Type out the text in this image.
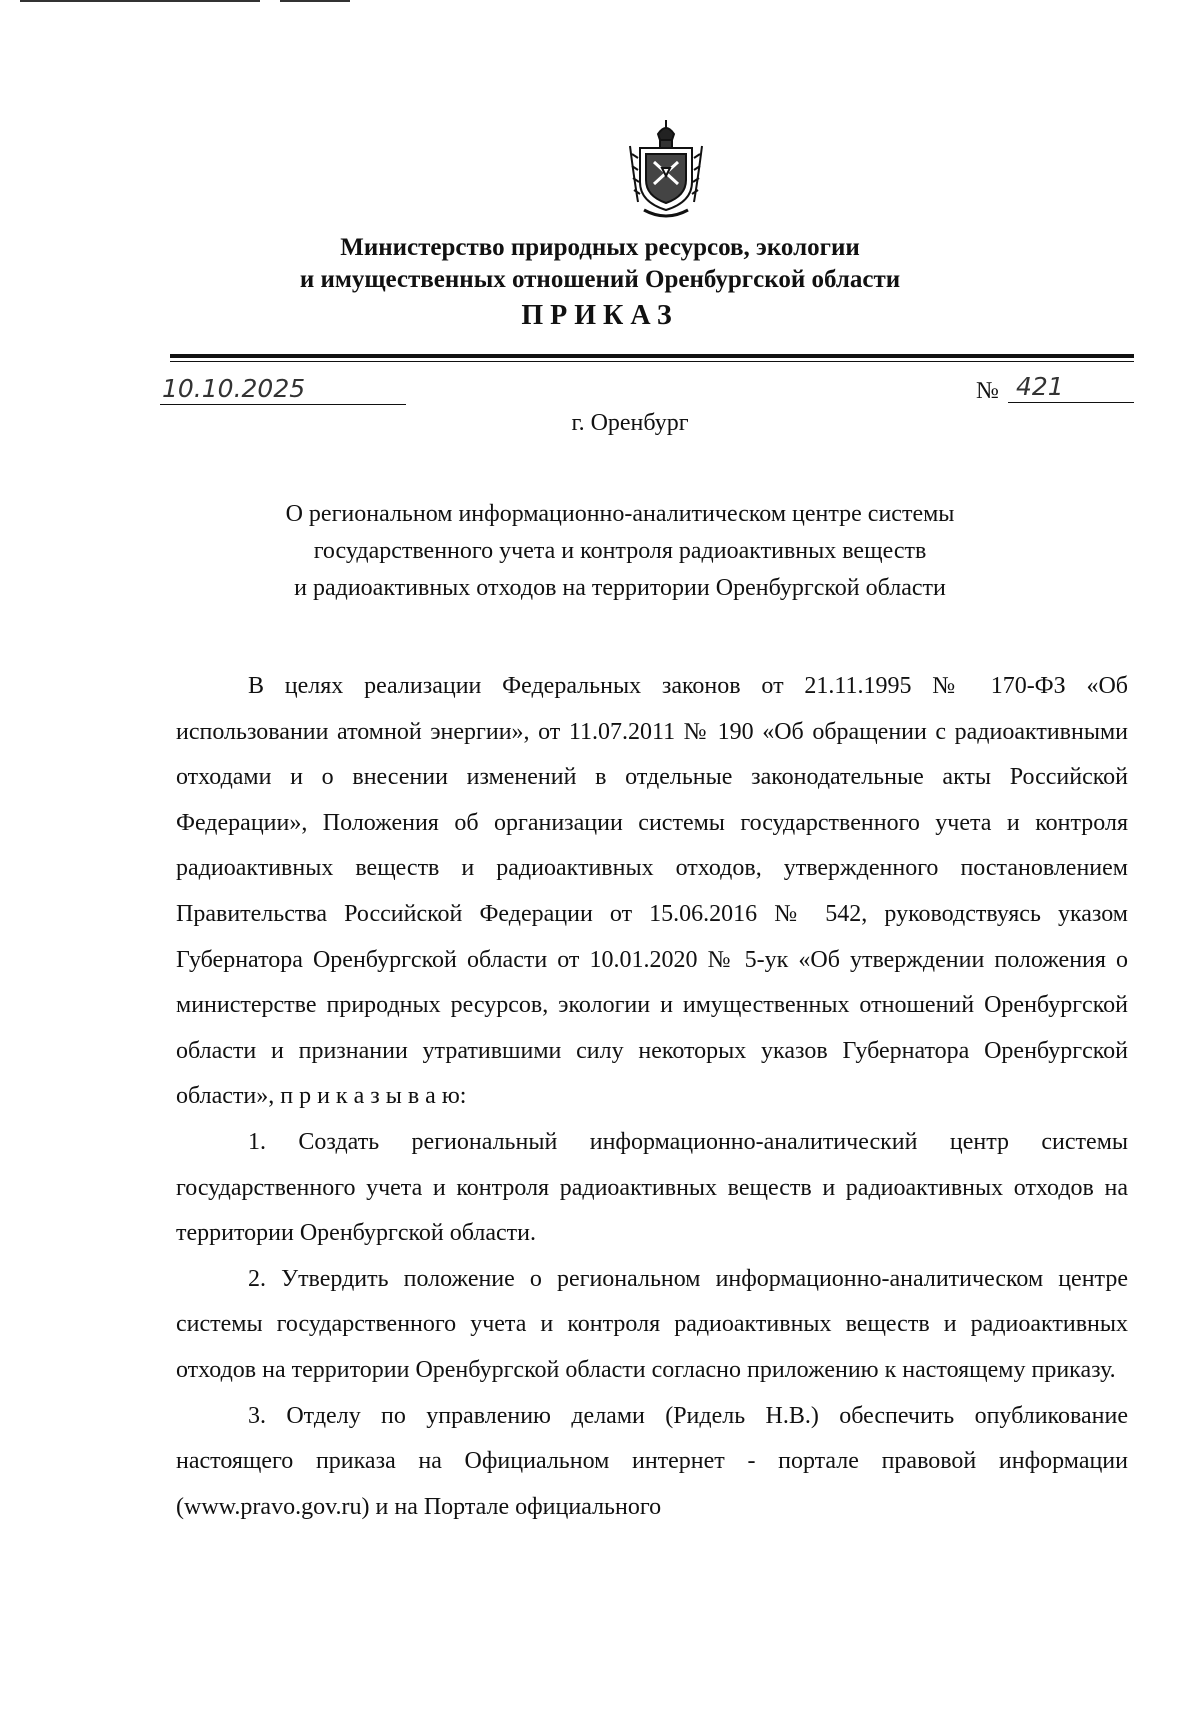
Министерство природных ресурсов, экологии
и имущественных отношений Оренбургской области
ПРИКАЗ
10.10.2025	№ 421
г. Оренбург
О региональном информационно-аналитическом центре системы
государственного учета и контроля радиоактивных веществ
и радиоактивных отходов на территории Оренбургской области

В целях реализации Федеральных законов от 21.11.1995 № 170-ФЗ «Об использовании атомной энергии», от 11.07.2011 № 190 «Об обращении с радиоактивными отходами и о внесении изменений в отдельные законодательные акты Российской Федерации», Положения об организации системы государственного учета и контроля радиоактивных веществ и радиоактивных отходов, утвержденного постановлением Правительства Российской Федерации от 15.06.2016 № 542, руководствуясь указом Губернатора Оренбургской области от 10.01.2020 № 5-ук «Об утверждении положения о министерстве природных ресурсов, экологии и имущественных отношений Оренбургской области и признании утратившими силу некоторых указов Губернатора Оренбургской области», п р и к а з ы в а ю:

1. Создать региональный информационно-аналитический центр системы государственного учета и контроля радиоактивных веществ и радиоактивных отходов на территории Оренбургской области.

2. Утвердить положение о региональном информационно-аналитическом центре системы государственного учета и контроля радиоактивных веществ и радиоактивных отходов на территории Оренбургской области согласно приложению к настоящему приказу.

3. Отделу по управлению делами (Ридель Н.В.) обеспечить опубликование настоящего приказа на Официальном интернет - портале правовой информации (www.pravo.gov.ru) и на Портале официального
